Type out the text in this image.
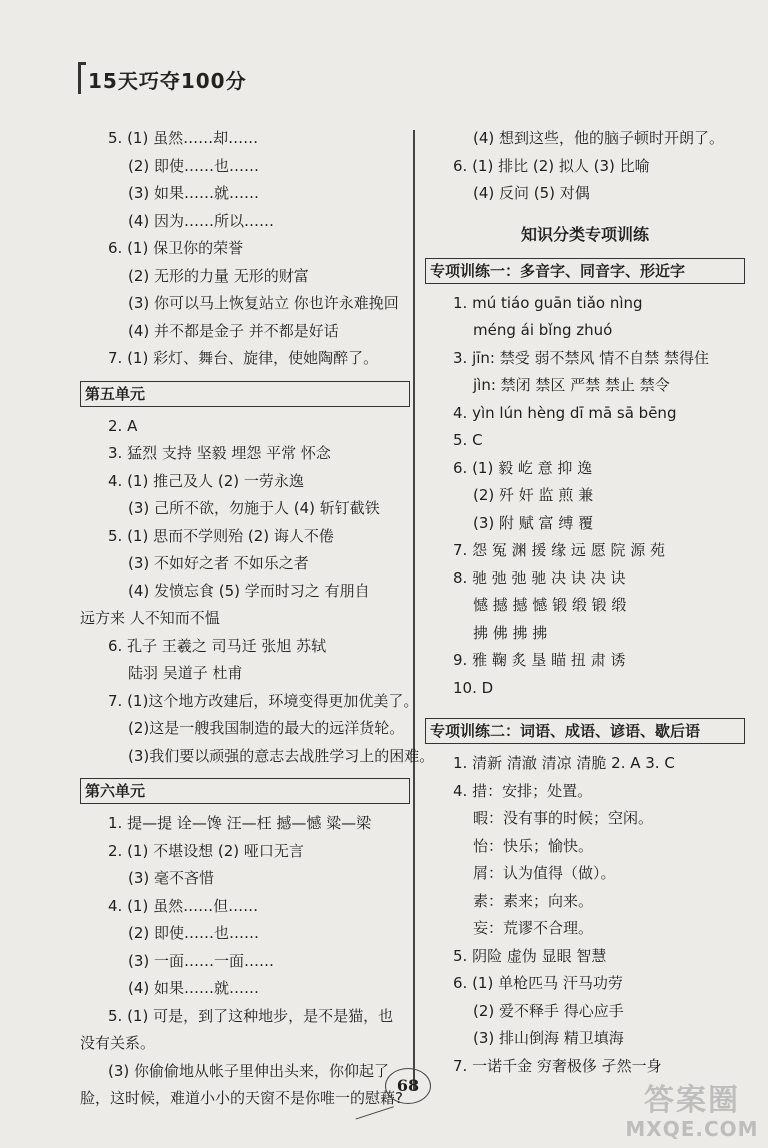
15天巧夺100分
5. (1) 虽然……却……
(2) 即使……也……
(3) 如果……就……
(4) 因为……所以……
6. (1) 保卫你的荣誉
(2) 无形的力量 无形的财富
(3) 你可以马上恢复站立 你也许永难挽回
(4) 并不都是金子 并不都是好话
7. (1) 彩灯、舞台、旋律，使她陶醉了。
第五单元
2. A
3. 猛烈 支持 坚毅 埋怨 平常 怀念
4. (1) 推己及人 (2) 一劳永逸
(3) 己所不欲，勿施于人 (4) 斩钉截铁
5. (1) 思而不学则殆 (2) 诲人不倦
(3) 不如好之者 不如乐之者
(4) 发愤忘食 (5) 学而时习之 有朋自
远方来 人不知而不愠
6. 孔子 王羲之 司马迁 张旭 苏轼
陆羽 吴道子 杜甫
7. (1)这个地方改建后，环境变得更加优美了。
(2)这是一艘我国制造的最大的远洋货轮。
(3)我们要以顽强的意志去战胜学习上的困难。
第六单元
1. 提—提 诠—馋 汪—枉 撼—憾 粱—梁
2. (1) 不堪设想 (2) 哑口无言
(3) 毫不吝惜
4. (1) 虽然……但……
(2) 即使……也……
(3) 一面……一面……
(4) 如果……就……
5. (1) 可是，到了这种地步，是不是猫，也
没有关系。
(3) 你偷偷地从帐子里伸出头来，你仰起了
脸，这时候，难道小小的天窗不是你唯一的慰藉?
(4) 想到这些，他的脑子顿时开朗了。
6. (1) 排比 (2) 拟人 (3) 比喻
(4) 反问 (5) 对偶
知识分类专项训练
专项训练一：多音字、同音字、形近字
1. mú tiáo guān tiǎo nìng
méng ái bǐng zhuó
3. jīn: 禁受 弱不禁风 情不自禁 禁得住
jìn: 禁闭 禁区 严禁 禁止 禁令
4. yìn lún hèng dī mā sā bēng
5. C
6. (1) 毅 屹 意 抑 逸
(2) 歼 奸 监 煎 兼
(3) 附 赋 富 缚 覆
7. 怨 冤 渊 援 缘 远 愿 院 源 苑
8. 驰 弛 弛 驰 决 诀 决 诀
憾 撼 撼 憾 锻 缎 锻 缎
拂 佛 拂 拂
9. 雅 鞠 炙 垦 瞄 扭 肃 诱
10. D
专项训练二：词语、成语、谚语、歇后语
1. 清新 清澈 清凉 清脆 2. A 3. C
4. 措：安排；处置。
暇：没有事的时候；空闲。
怡：快乐；愉快。
屑：认为值得（做）。
素：素来；向来。
妄：荒谬不合理。
5. 阴险 虚伪 显眼 智慧
6. (1) 单枪匹马 汗马功劳
(2) 爱不释手 得心应手
(3) 排山倒海 精卫填海
7. 一诺千金 穷奢极侈 孑然一身
68	答案圈
MXQE.COM
